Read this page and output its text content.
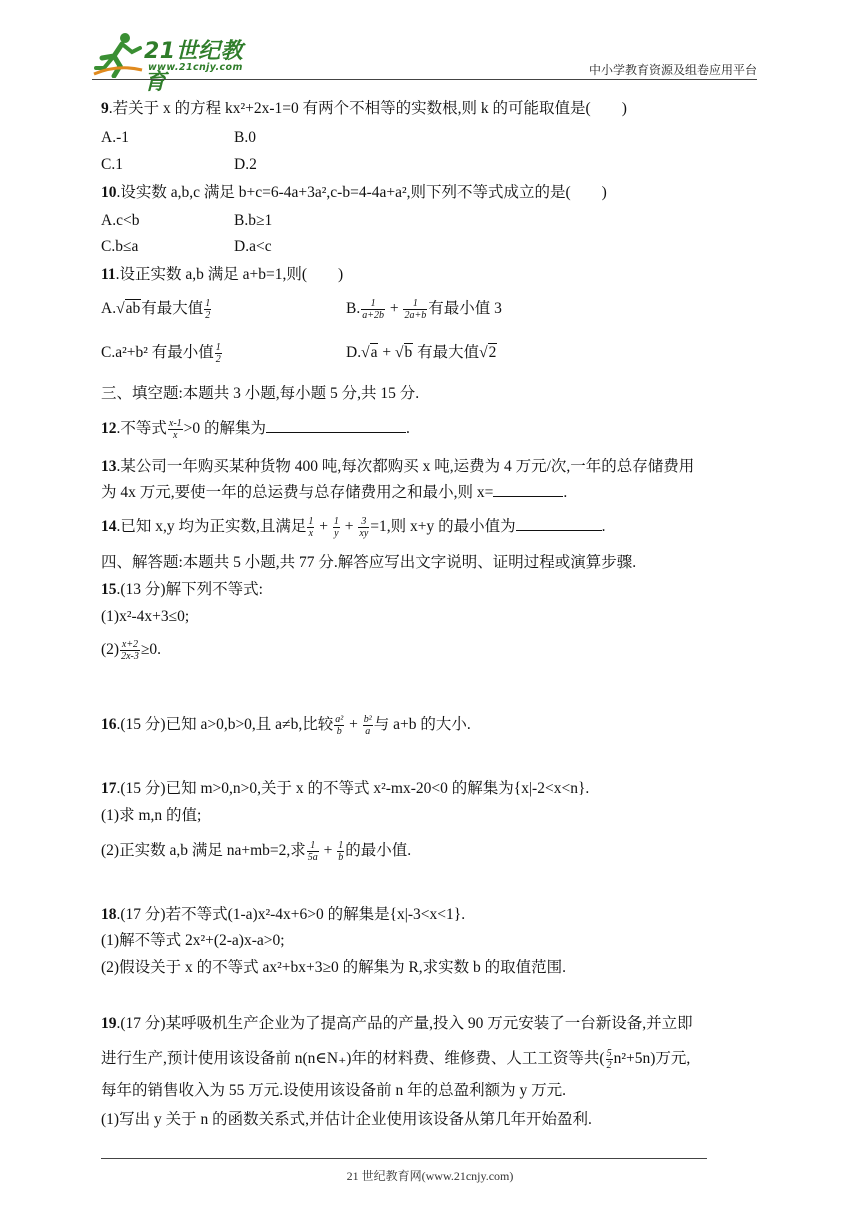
21世纪教育
www.21cnjy.com	中小学教育资源及组卷应用平台
9.若关于 x 的方程 kx²+2x-1=0 有两个不相等的实数根,则 k 的可能取值是(　　)
A.-1	B.0
C.1	D.2
10.设实数 a,b,c 满足 b+c=6-4a+3a²,c-b=4-4a+a²,则下列不等式成立的是(　　)
A.c<b	B.b≥1
C.b≤a	D.a<c
11.设正实数 a,b 满足 a+b=1,则(　　)
A.√ab有最大值 $\frac{1}{2}$	B. $\frac{1}{a+2b} + \frac{1}{2a+b}$ 有最小值 3
C.a²+b² 有最小值 $\frac{1}{2}$	D.√a + √b 有最大值√2
三、填空题:本题共 3 小题,每小题 5 分,共 15 分.
12.不等式 $\frac{x-1}{x} >0$ 的解集为	.
13.某公司一年购买某种货物 400 吨,每次都购买 x 吨,运费为 4 万元/次,一年的总存储费用
为 4x 万元,要使一年的总运费与总存储费用之和最小,则 x=	.
14.已知 x,y 均为正实数,且满足 $\frac{1}{x} + \frac{1}{y} + \frac{3}{xy} =1$,则 x+y 的最小值为	.
四、解答题:本题共 5 小题,共 77 分.解答应写出文字说明、证明过程或演算步骤.
15.(13 分)解下列不等式:
(1)x²-4x+3≤0;
$(2) \frac{x+2}{2x-3} \ge 0$.
16.(15 分)已知 a>0,b>0,且 a≠b,比较 $\frac{\text{a²}}{b} + \frac{\text{b²}}{a}$ 与 a+b 的大小.
17.(15 分)已知 m>0,n>0,关于 x 的不等式 x²-mx-20<0 的解集为{x|-2<x<n}.
(1)求 m,n 的值;
(2)正实数 a,b 满足 na+mb=2,求 $\frac{1}{5a} + \frac{1}{b}$ 的最小值.
18.(17 分)若不等式(1-a)x²-4x+6>0 的解集是{x|-3<x<1}.
(1)解不等式 2x²+(2-a)x-a>0;
(2)假设关于 x 的不等式 ax²+bx+3≥0 的解集为 R,求实数 b 的取值范围.
19.(17 分)某呼吸机生产企业为了提高产品的产量,投入 90 万元安装了一台新设备,并立即
进行生产,预计使用该设备前 n(n∈N₊)年的材料费、维修费、人工工资等共( $\frac{5}{2} n^2+5n$)万元,
每年的销售收入为 55 万元.设使用该设备前 n 年的总盈利额为 y 万元.
(1)写出 y 关于 n 的函数关系式,并估计企业使用该设备从第几年开始盈利.
21 世纪教育网(www.21cnjy.com)
